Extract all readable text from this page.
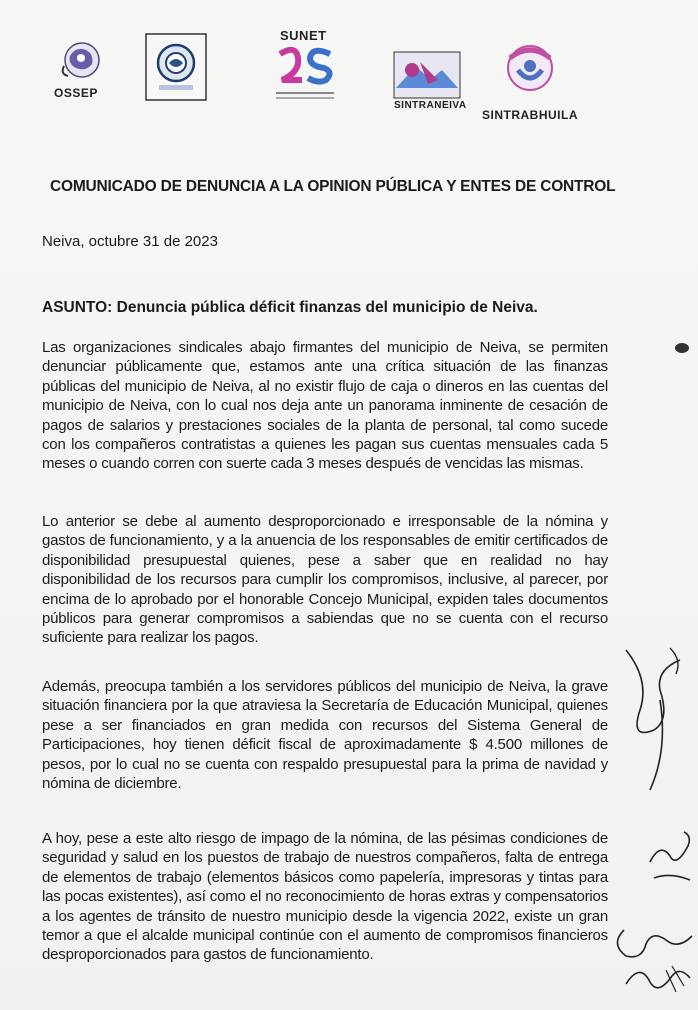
OSSEP
SUNET
SINTRANEIVA
SINTRABHUILA
COMUNICADO DE DENUNCIA A LA OPINION PÚBLICA Y ENTES DE CONTROL
Neiva, octubre 31 de 2023
ASUNTO: Denuncia pública déficit finanzas del municipio de Neiva.
Las organizaciones sindicales abajo firmantes del municipio de Neiva, se permiten denunciar públicamente que, estamos ante una crítica situación de las finanzas públicas del municipio de Neiva, al no existir flujo de caja o dineros en las cuentas del municipio de Neiva, con lo cual nos deja ante un panorama inminente de cesación de pagos de salarios y prestaciones sociales de la planta de personal, tal como sucede con los compañeros contratistas a quienes les pagan sus cuentas mensuales cada 5 meses o cuando corren con suerte cada 3 meses después de vencidas las mismas.
Lo anterior se debe al aumento desproporcionado e irresponsable de la nómina y gastos de funcionamiento, y a la anuencia de los responsables de emitir certificados de disponibilidad presupuestal quienes, pese a saber que en realidad no hay disponibilidad de los recursos para cumplir los compromisos, inclusive, al parecer, por encima de lo aprobado por el honorable Concejo Municipal, expiden tales documentos públicos para generar compromisos a sabiendas que no se cuenta con el recurso suficiente para realizar los pagos.
Además, preocupa también a los servidores públicos del municipio de Neiva, la grave situación financiera por la que atraviesa la Secretaría de Educación Municipal, quienes pese a ser financiados en gran medida con recursos del Sistema General de Participaciones, hoy tienen déficit fiscal de aproximadamente $ 4.500 millones de pesos, por lo cual no se cuenta con respaldo presupuestal para la prima de navidad y nómina de diciembre.
A hoy, pese a este alto riesgo de impago de la nómina, de las pésimas condiciones de seguridad y salud en los puestos de trabajo de nuestros compañeros, falta de entrega de elementos de trabajo (elementos básicos como papelería, impresoras y tintas para las pocas existentes), así como el no reconocimiento de horas extras y compensatorios a los agentes de tránsito de nuestro municipio desde la vigencia 2022, existe un gran temor a que el alcalde municipal continúe con el aumento de compromisos financieros desproporcionados para gastos de funcionamiento.
